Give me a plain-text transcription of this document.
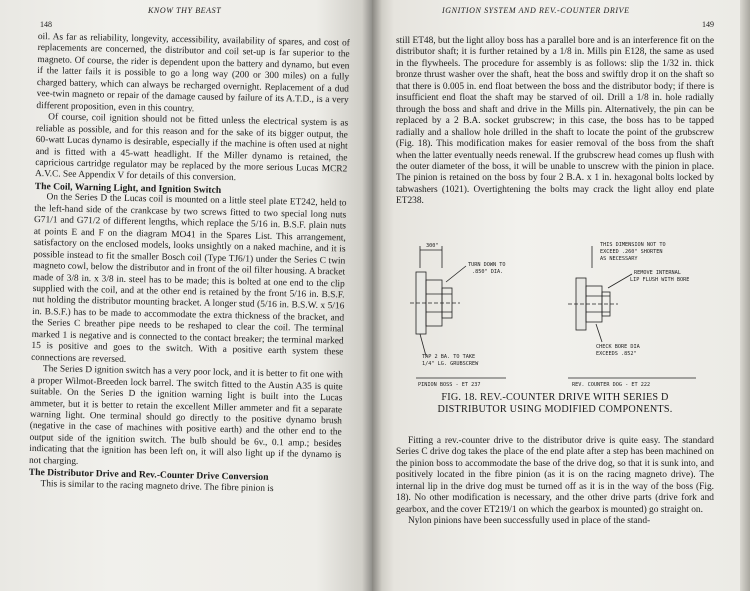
KNOW THY BEAST
148

oil. As far as reliability, longevity, accessibility, availability of spares, and cost of replacements are concerned, the distributor and coil set-up is far superior to the magneto. Of course, the rider is dependent upon the battery and dynamo, but even if the latter fails it is possible to go a long way (200 or 300 miles) on a fully charged battery, which can always be recharged overnight. Replacement of a dud vee-twin magneto or repair of the damage caused by failure of its A.T.D., is a very different proposition, even in this country.

Of course, coil ignition should not be fitted unless the electrical system is as reliable as possible, and for this reason and for the sake of its bigger output, the 60-watt Lucas dynamo is desirable, especially if the machine is often used at night and is fitted with a 45-watt headlight. If the Miller dynamo is retained, the capricious cartridge regulator may be replaced by the more serious Lucas MCR2 A.V.C. See Appendix V for details of this conversion.

The Coil, Warning Light, and Ignition Switch

On the Series D the Lucas coil is mounted on a little steel plate ET242, held to the left-hand side of the crankcase by two screws fitted to two special long nuts G71/1 and G71/2 of different lengths, which replace the 5/16 in. B.S.F. plain nuts at points E and F on the diagram MO41 in the Spares List. This arrangement, satisfactory on the enclosed models, looks unsightly on a naked machine, and it is possible instead to fit the smaller Bosch coil (Type TJ6/1) under the Series C twin magneto cowl, below the distributor and in front of the oil filter housing. A bracket made of 3/8 in. x 3/8 in. steel has to be made; this is bolted at one end to the clip supplied with the coil, and at the other end is retained by the front 5/16 in. B.S.F. nut holding the distributor mounting bracket. A longer stud (5/16 in. B.S.W. x 5/16 in. B.S.F.) has to be made to accommodate the extra thickness of the bracket, and the Series C breather pipe needs to be reshaped to clear the coil. The terminal marked 1 is negative and is connected to the contact breaker; the terminal marked 15 is positive and goes to the switch. With a positive earth system these connections are reversed.

The Series D ignition switch has a very poor lock, and it is better to fit one with a proper Wilmot-Breeden lock barrel. The switch fitted to the Austin A35 is quite suitable. On the Series D the ignition warning light is built into the Lucas ammeter, but it is better to retain the excellent Miller ammeter and fit a separate warning light. One terminal should go directly to the positive dynamo brush (negative in the case of machines with positive earth) and the other end to the output side of the ignition switch. The bulb should be 6v., 0.1 amp.; besides indicating that the ignition has been left on, it will also light up if the dynamo is not charging.

The Distributor Drive and Rev.-Counter Drive Conversion

This is similar to the racing magneto drive. The fibre pinion is

IGNITION SYSTEM AND REV.-COUNTER DRIVE
149

still ET48, but the light alloy boss has a parallel bore and is an interference fit on the distributor shaft; it is further retained by a 1/8 in. Mills pin E128, the same as used in the flywheels. The procedure for assembly is as follows: slip the 1/32 in. thick bronze thrust washer over the shaft, heat the boss and swiftly drop it on the shaft so that there is 0.005 in. end float between the boss and the distributor body; if there is insufficient end float the shaft may be starved of oil. Drill a 1/8 in. hole radially through the boss and shaft and drive in the Mills pin. Alternatively, the pin can be replaced by a 2 B.A. socket grubscrew; in this case, the boss has to be tapped radially and a shallow hole drilled in the shaft to locate the point of the grubscrew (Fig. 18). This modification makes for easier removal of the boss from the shaft when the latter eventually needs renewal. If the grubscrew head comes up flush with the outer diameter of the boss, it will be unable to unscrew with the pinion in place. The pinion is retained on the boss by four 2 B.A. x 1 in. hexagonal bolts locked by tabwashers (1021). Overtightening the bolts may crack the light alloy end plate ET238.

300"
TURN DOWN TO
.850" DIA.
TAP 2 BA. TO TAKE
1/4" LG. GRUBSCREW
THIS DIMENSION NOT TO
EXCEED .260" SHORTEN
AS NECESSARY
REMOVE INTERNAL
LIP FLUSH WITH BORE
CHECK BORE DIA
EXCEEDS .852"
PINION BOSS - ET 237	REV. COUNTER DOG - ET 222
FIG. 18. REV.-COUNTER DRIVE WITH SERIES D
DISTRIBUTOR USING MODIFIED COMPONENTS.

Fitting a rev.-counter drive to the distributor drive is quite easy. The standard Series C drive dog takes the place of the end plate after a step has been machined on the pinion boss to accommodate the base of the drive dog, so that it is sunk into, and positively located in the fibre pinion (as it is on the racing magneto drive). The internal lip in the drive dog must be turned off as it is in the way of the boss (Fig. 18). No other modification is necessary, and the other drive parts (drive fork and gearbox, and the cover ET219/1 on which the gearbox is mounted) go straight on.

Nylon pinions have been successfully used in place of the stand-
